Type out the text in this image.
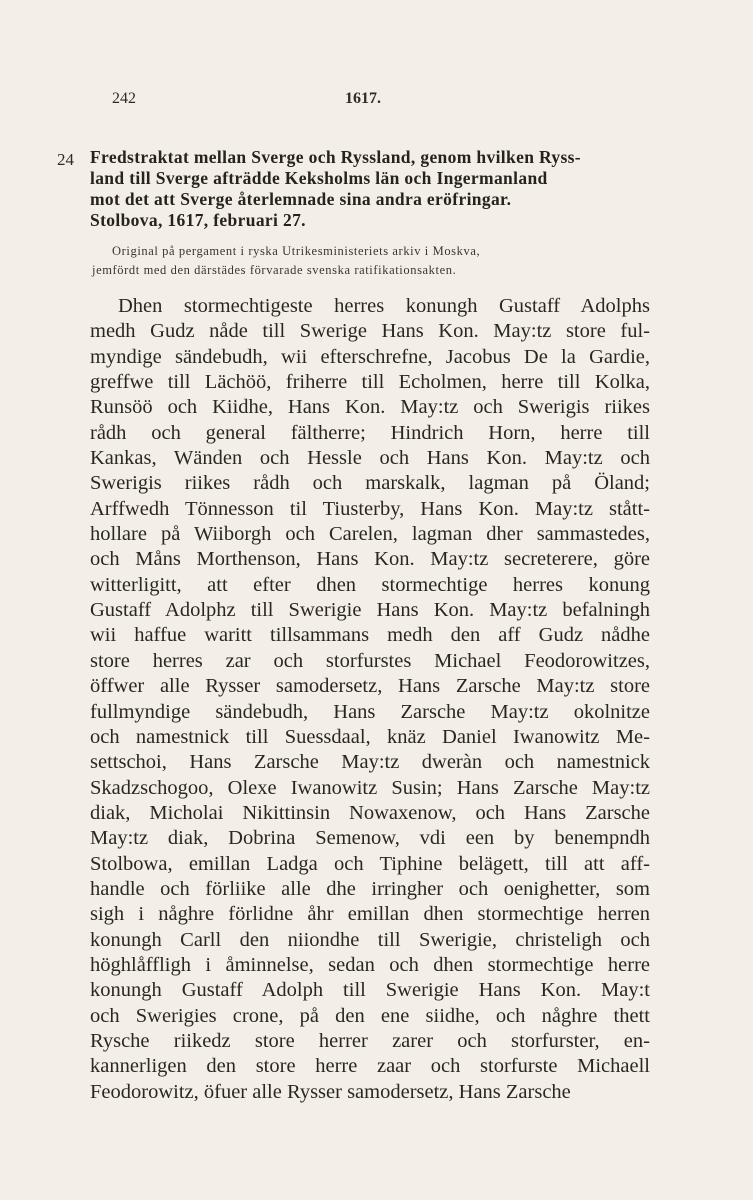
242	1617.
24 Fredstraktat mellan Sverge och Ryssland, genom hvilken Ryss-
land till Sverge afträdde Keksholms län och Ingermanland
mot det att Sverge återlemnade sina andra eröfringar.
Stolbova, 1617, februari 27.
Original på pergament i ryska Utrikesministeriets arkiv i Moskva,
jemfördt med den därstädes förvarade svenska ratifikationsakten.
Dhen stormechtigeste herres konungh Gustaff Adolphs
medh Gudz nåde till Swerige Hans Kon. May:tz store ful-
myndige sändebudh, wii efterschrefne, Jacobus De la Gardie,
greffwe till Lächöö, friherre till Echolmen, herre till Kolka,
Runsöö och Kiidhe, Hans Kon. May:tz och Swerigis riikes
rådh och general fältherre; Hindrich Horn, herre till
Kankas, Wänden och Hessle och Hans Kon. May:tz och
Swerigis riikes rådh och marskalk, lagman på Öland;
Arffwedh Tönnesson til Tiusterby, Hans Kon. May:tz stått-
hollare på Wiiborgh och Carelen, lagman dher sammastedes,
och Måns Morthenson, Hans Kon. May:tz secreterere, göre
witterligitt, att efter dhen stormechtige herres konung
Gustaff Adolphz till Swerigie Hans Kon. May:tz befalningh
wii haffue waritt tillsammans medh den aff Gudz nådhe
store herres zar och storfurstes Michael Feodorowitzes,
öffwer alle Rysser samodersetz, Hans Zarsche May:tz store
fullmyndige sändebudh, Hans Zarsche May:tz okolnitze
och namestnick till Suessdaal, knäz Daniel Iwanowitz Me-
settschoi, Hans Zarsche May:tz dweràn och namestnick
Skadzschogoo, Olexe Iwanowitz Susin; Hans Zarsche May:tz
diak, Micholai Nikittinsin Nowaxenow, och Hans Zarsche
May:tz diak, Dobrina Semenow, vdi een by benempndh
Stolbowa, emillan Ladga och Tiphine belägett, till att aff-
handle och förliike alle dhe irringher och oenighetter, som
sigh i någhre förlidne åhr emillan dhen stormechtige herren
konungh Carll den niiondhe till Swerigie, christeligh och
höghlåffligh i åminnelse, sedan och dhen stormechtige herre
konungh Gustaff Adolph till Swerigie Hans Kon. May:t
och Swerigies crone, på den ene siidhe, och någhre thett
Rysche riikedz store herrer zarer och storfurster, en-
kannerligen den store herre zaar och storfurste Michaell
Feodorowitz, öfuer alle Rysser samodersetz, Hans Zarsche
